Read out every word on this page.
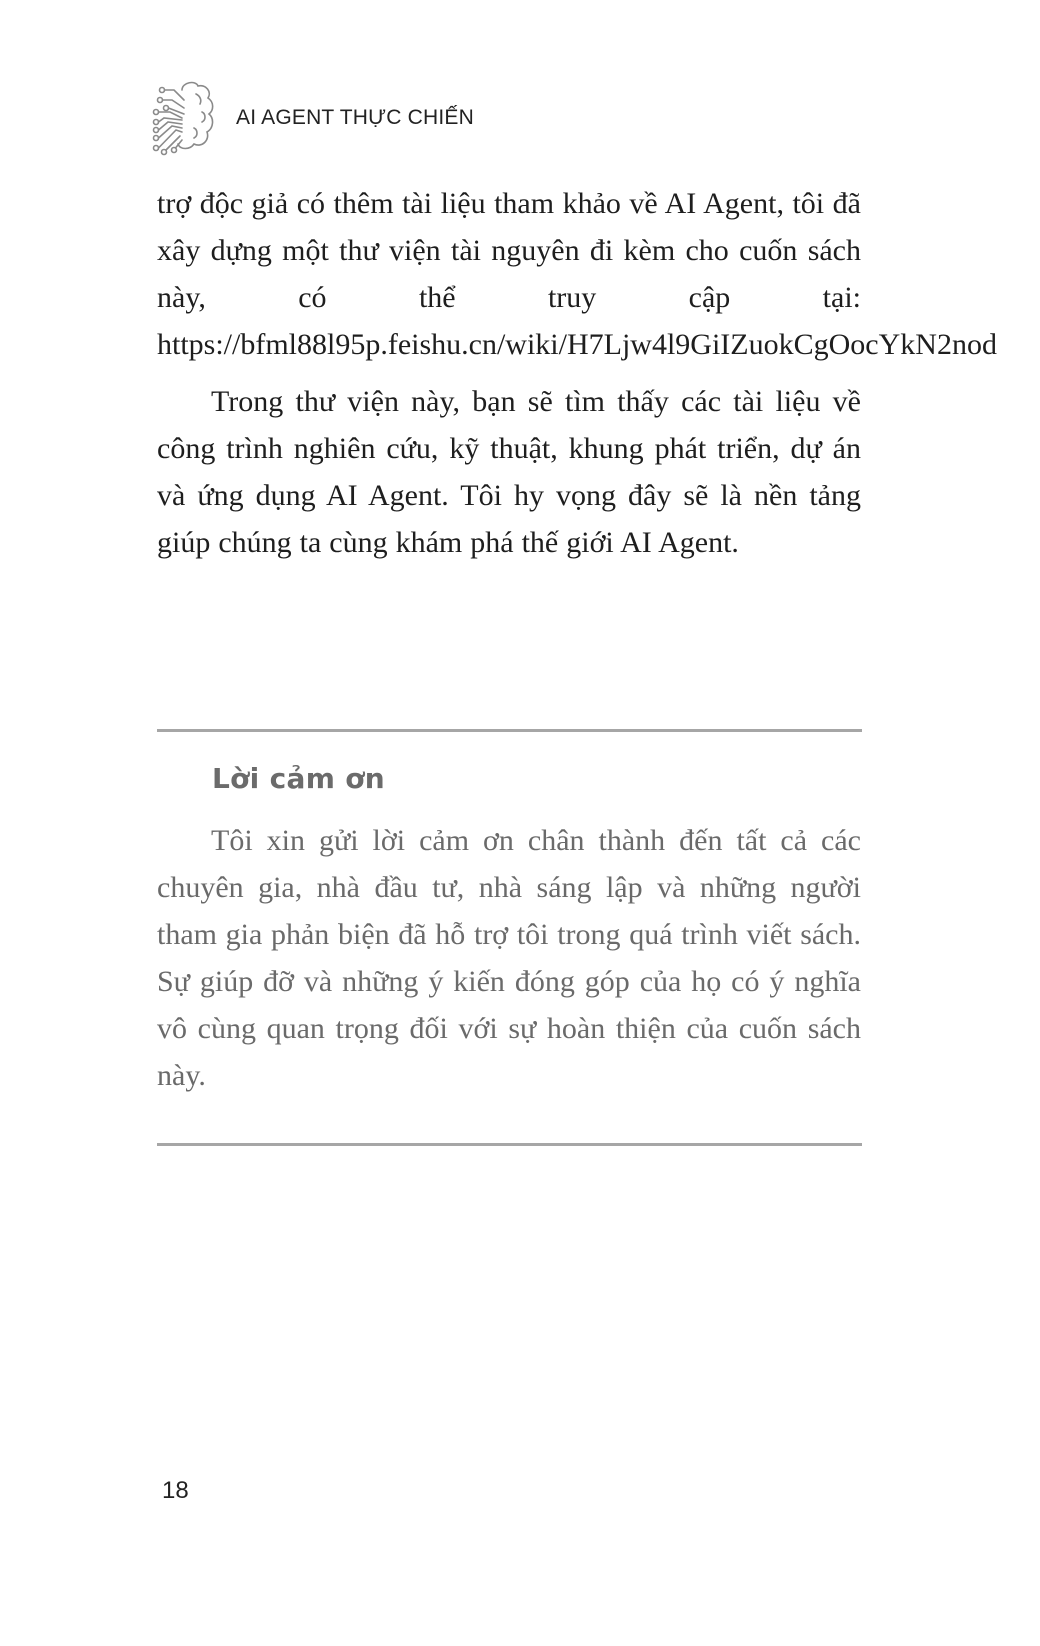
AI AGENT THỰC CHIẾN

trợ độc giả có thêm tài liệu tham khảo về AI Agent, tôi đã xây dựng một thư viện tài nguyên đi kèm cho cuốn sách này, có thể truy cập tại: https://bfml88l95p.feishu.cn/wiki/H7Ljw4l9GiIZuokCgOocYkN2nod

Trong thư viện này, bạn sẽ tìm thấy các tài liệu về công trình nghiên cứu, kỹ thuật, khung phát triển, dự án và ứng dụng AI Agent. Tôi hy vọng đây sẽ là nền tảng giúp chúng ta cùng khám phá thế giới AI Agent.

Lời cảm ơn

Tôi xin gửi lời cảm ơn chân thành đến tất cả các chuyên gia, nhà đầu tư, nhà sáng lập và những người tham gia phản biện đã hỗ trợ tôi trong quá trình viết sách. Sự giúp đỡ và những ý kiến đóng góp của họ có ý nghĩa vô cùng quan trọng đối với sự hoàn thiện của cuốn sách này.

18
